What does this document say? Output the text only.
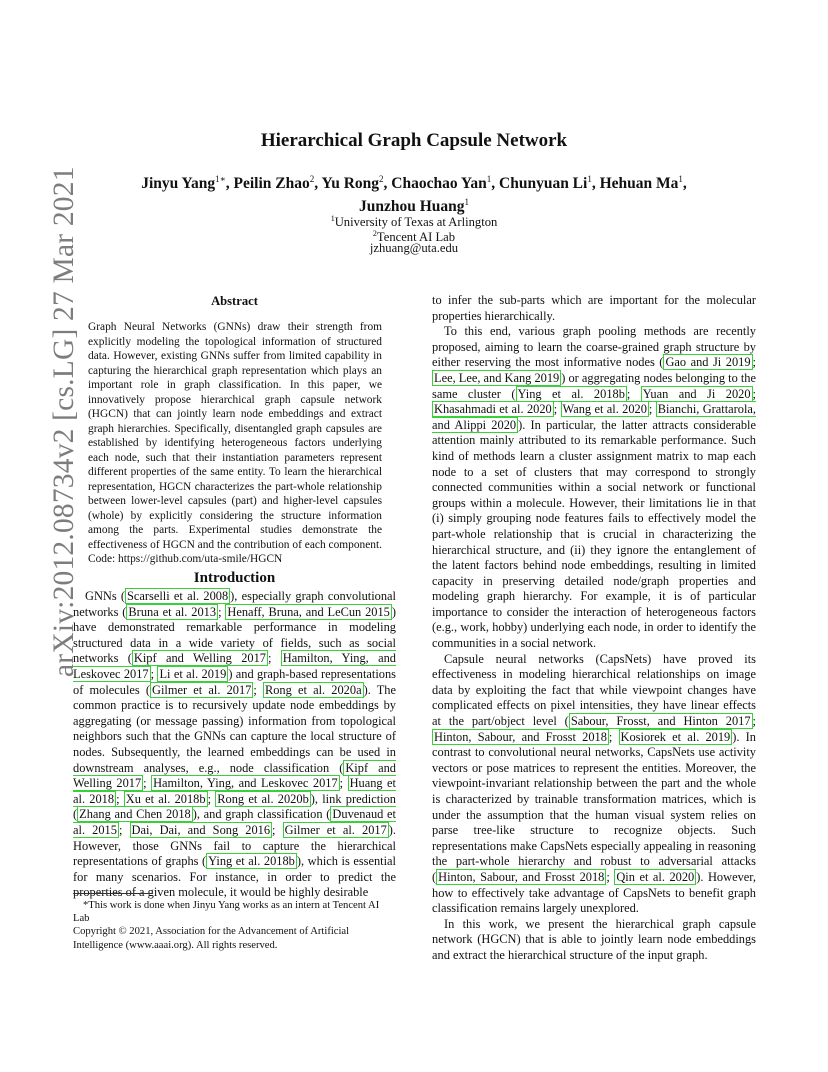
arXiv:2012.08734v2 [cs.LG] 27 Mar 2021
Hierarchical Graph Capsule Network
Jinyu Yang$^{1∗}$, Peilin Zhao$^2$, Yu Rong$^2$, Chaochao Yan$^1$, Chunyuan Li$^1$, Hehuan Ma$^1$, Junzhou Huang$^1$
$^1$University of Texas at Arlington
$^2$Tencent AI Lab
jzhuang@uta.edu
Abstract
Graph Neural Networks (GNNs) draw their strength from explicitly modeling the topological information of structured data. However, existing GNNs suffer from limited capability in capturing the hierarchical graph representation which plays an important role in graph classification. In this paper, we innovatively propose hierarchical graph capsule network (HGCN) that can jointly learn node embeddings and extract graph hierarchies. Specifically, disentangled graph capsules are established by identifying heterogeneous factors underlying each node, such that their instantiation parameters represent different properties of the same entity. To learn the hierarchical representation, HGCN characterizes the part-whole relationship between lower-level capsules (part) and higher-level capsules (whole) by explicitly considering the structure information among the parts. Experimental studies demonstrate the effectiveness of HGCN and the contribution of each component. Code: https://github.com/uta-smile/HGCN
Introduction

GNNs ( Scarselli et al. 2008 ), especially graph convolutional networks ( Bruna et al. 2013 ; Henaff, Bruna, and LeCun 2015 ) have demonstrated remarkable performance in modeling structured data in a wide variety of fields, such as social networks ( Kipf and Welling 2017 ; Hamilton, Ying, and Leskovec 2017 ; Li et al. 2019 ) and graph-based representations of molecules ( Gilmer et al. 2017 ; Rong et al. 2020a ). The common practice is to recursively update node embeddings by aggregating (or message passing) information from topological neighbors such that the GNNs can capture the local structure of nodes. Subsequently, the learned embeddings can be used in downstream analyses, e.g., node classification ( Kipf and Welling 2017 ; Hamilton, Ying, and Leskovec 2017 ; Huang et al. 2018 ; Xu et al. 2018b ; Rong et al. 2020b ), link prediction ( Zhang and Chen 2018 ), and graph classification ( Duvenaud et al. 2015 ; Dai, Dai, and Song 2016 ; Gilmer et al. 2017 ). However, those GNNs fail to capture the hierarchical representations of graphs ( Ying et al. 2018b ), which is essential for many scenarios. For instance, in order to predict the properties of a given molecule, it would be highly desirable

*This work is done when Jinyu Yang works as an intern at Tencent AI Lab

Copyright © 2021, Association for the Advancement of Artificial Intelligence (www.aaai.org). All rights reserved.

to infer the sub-parts which are important for the molecular properties hierarchically.

To this end, various graph pooling methods are recently proposed, aiming to learn the coarse-grained graph structure by either reserving the most informative nodes ( Gao and Ji 2019 ; Lee, Lee, and Kang 2019 ) or aggregating nodes belonging to the same cluster ( Ying et al. 2018b ; Yuan and Ji 2020 ; Khasahmadi et al. 2020 ; Wang et al. 2020 ; Bianchi, Grattarola, and Alippi 2020 ). In particular, the latter attracts considerable attention mainly attributed to its remarkable performance. Such kind of methods learn a cluster assignment matrix to map each node to a set of clusters that may correspond to strongly connected communities within a social network or functional groups within a molecule. However, their limitations lie in that (i) simply grouping node features fails to effectively model the part-whole relationship that is crucial in characterizing the hierarchical structure, and (ii) they ignore the entanglement of the latent factors behind node embeddings, resulting in limited capacity in preserving detailed node/graph properties and modeling graph hierarchy. For example, it is of particular importance to consider the interaction of heterogeneous factors (e.g., work, hobby) underlying each node, in order to identify the communities in a social network.

Capsule neural networks (CapsNets) have proved its effectiveness in modeling hierarchical relationships on image data by exploiting the fact that while viewpoint changes have complicated effects on pixel intensities, they have linear effects at the part/object level ( Sabour, Frosst, and Hinton 2017 ; Hinton, Sabour, and Frosst 2018 ; Kosiorek et al. 2019 ). In contrast to convolutional neural networks, CapsNets use activity vectors or pose matrices to represent the entities. Moreover, the viewpoint-invariant relationship between the part and the whole is characterized by trainable transformation matrices, which is under the assumption that the human visual system relies on parse tree-like structure to recognize objects. Such representations make CapsNets especially appealing in reasoning the part-whole hierarchy and robust to adversarial attacks ( Hinton, Sabour, and Frosst 2018 ; Qin et al. 2020 ). However, how to effectively take advantage of CapsNets to benefit graph classification remains largely unexplored.

In this work, we present the hierarchical graph capsule network (HGCN) that is able to jointly learn node embeddings and extract the hierarchical structure of the input graph.
